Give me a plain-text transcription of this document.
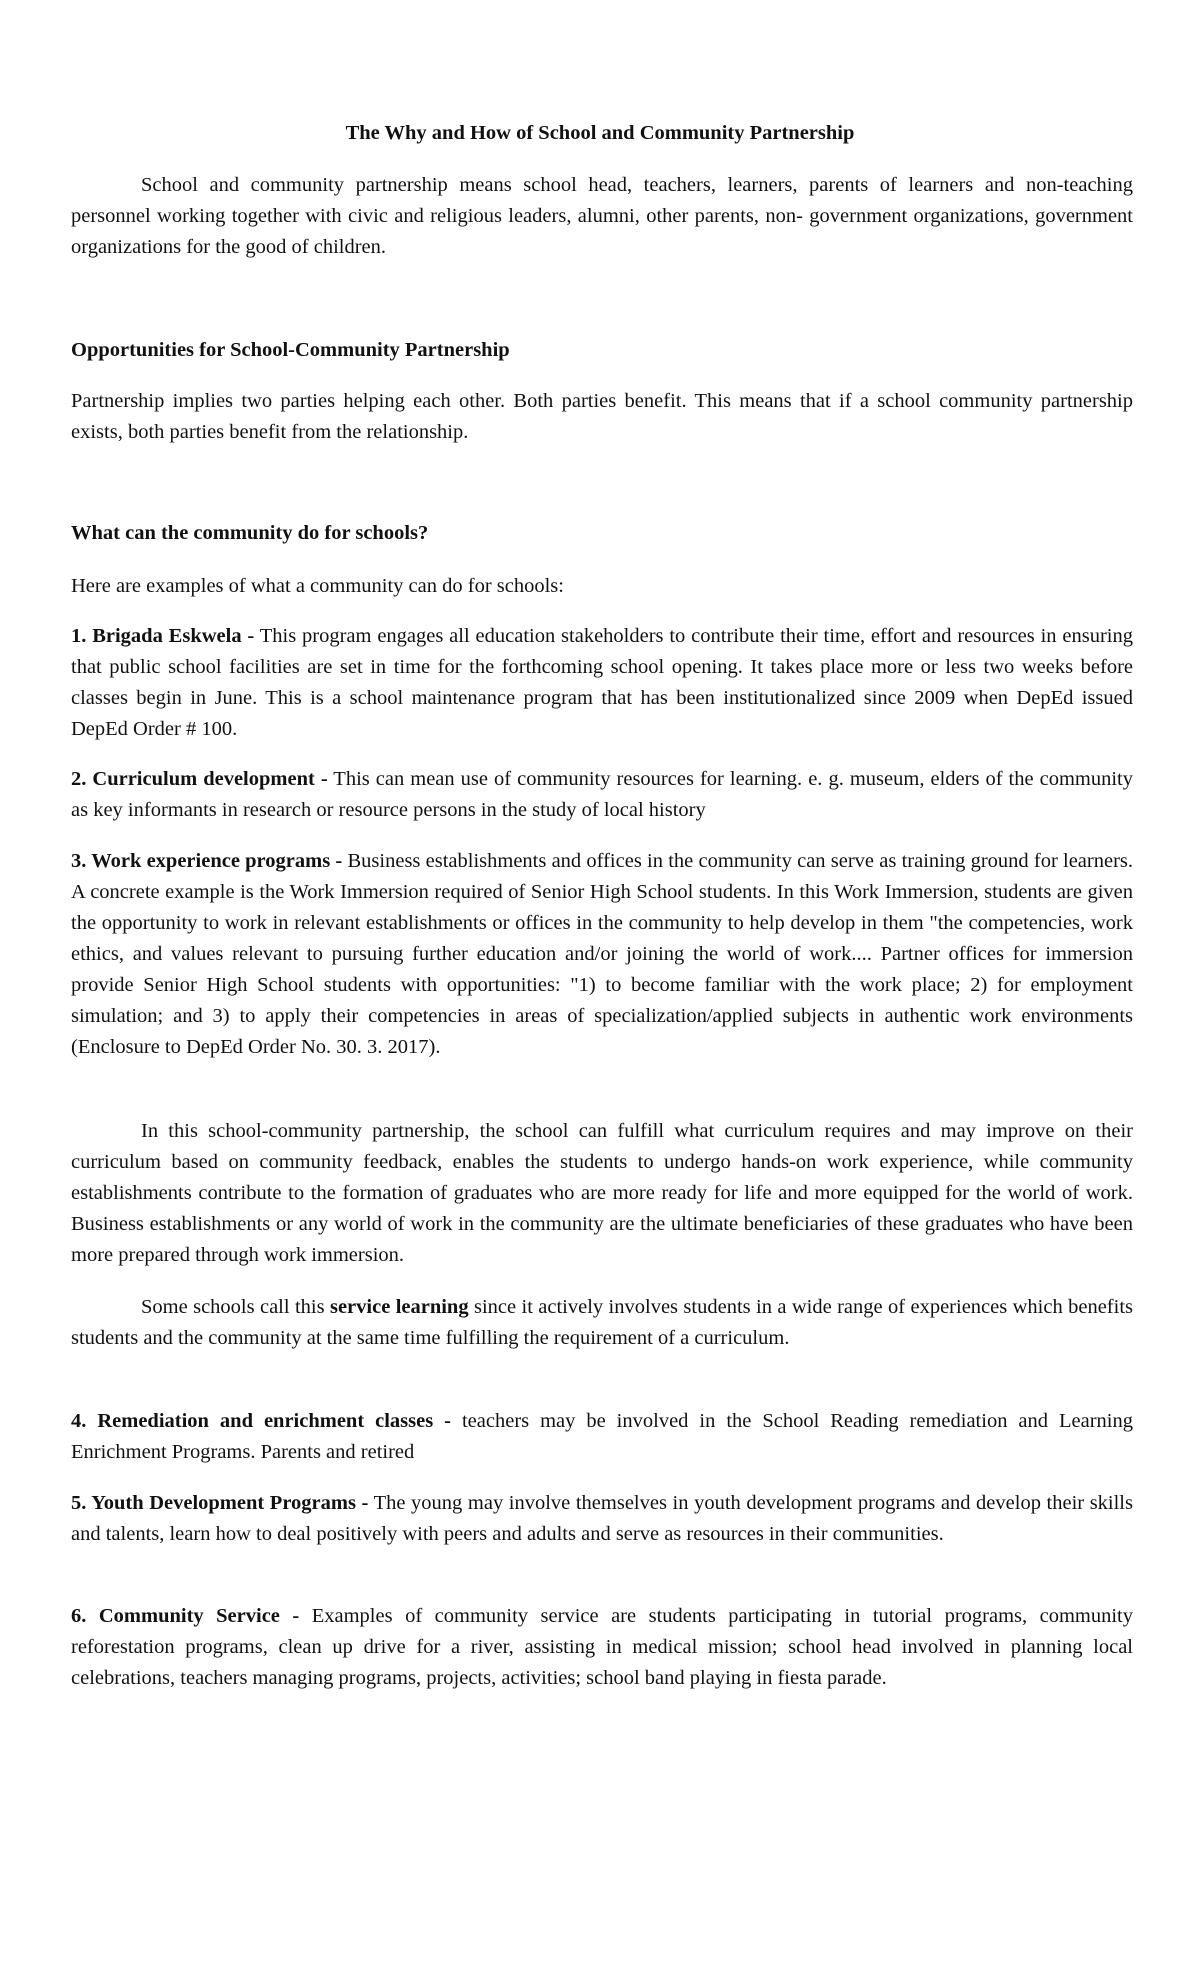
The Why and How of School and Community Partnership

School and community partnership means school head, teachers, learners, parents of learners and non-teaching personnel working together with civic and religious leaders, alumni, other parents, non- government organizations, government organizations for the good of children.

Opportunities for School-Community Partnership

Partnership implies two parties helping each other. Both parties benefit. This means that if a school community partnership exists, both parties benefit from the relationship.

What can the community do for schools?

Here are examples of what a community can do for schools:

1. Brigada Eskwela - This program engages all education stakeholders to contribute their time, effort and resources in ensuring that public school facilities are set in time for the forthcoming school opening. It takes place more or less two weeks before classes begin in June. This is a school maintenance program that has been institutionalized since 2009 when DepEd issued DepEd Order # 100.

2. Curriculum development - This can mean use of community resources for learning. e. g. museum, elders of the community as key informants in research or resource persons in the study of local history

3. Work experience programs - Business establishments and offices in the community can serve as training ground for learners. A concrete example is the Work Immersion required of Senior High School students. In this Work Immersion, students are given the opportunity to work in relevant establishments or offices in the community to help develop in them "the competencies, work ethics, and values relevant to pursuing further education and/or joining the world of work.... Partner offices for immersion provide Senior High School students with opportunities: "1) to become familiar with the work place; 2) for employment simulation; and 3) to apply their competencies in areas of specialization/applied subjects in authentic work environments (Enclosure to DepEd Order No. 30. 3. 2017).

In this school-community partnership, the school can fulfill what curriculum requires and may improve on their curriculum based on community feedback, enables the students to undergo hands-on work experience, while community establishments contribute to the formation of graduates who are more ready for life and more equipped for the world of work. Business establishments or any world of work in the community are the ultimate beneficiaries of these graduates who have been more prepared through work immersion.

Some schools call this service learning since it actively involves students in a wide range of experiences which benefits students and the community at the same time fulfilling the requirement of a curriculum.

4. Remediation and enrichment classes - teachers may be involved in the School Reading remediation and Learning Enrichment Programs. Parents and retired

5. Youth Development Programs - The young may involve themselves in youth development programs and develop their skills and talents, learn how to deal positively with peers and adults and serve as resources in their communities.

6. Community Service - Examples of community service are students participating in tutorial programs, community reforestation programs, clean up drive for a river, assisting in medical mission; school head involved in planning local celebrations, teachers managing programs, projects, activities; school band playing in fiesta parade.
